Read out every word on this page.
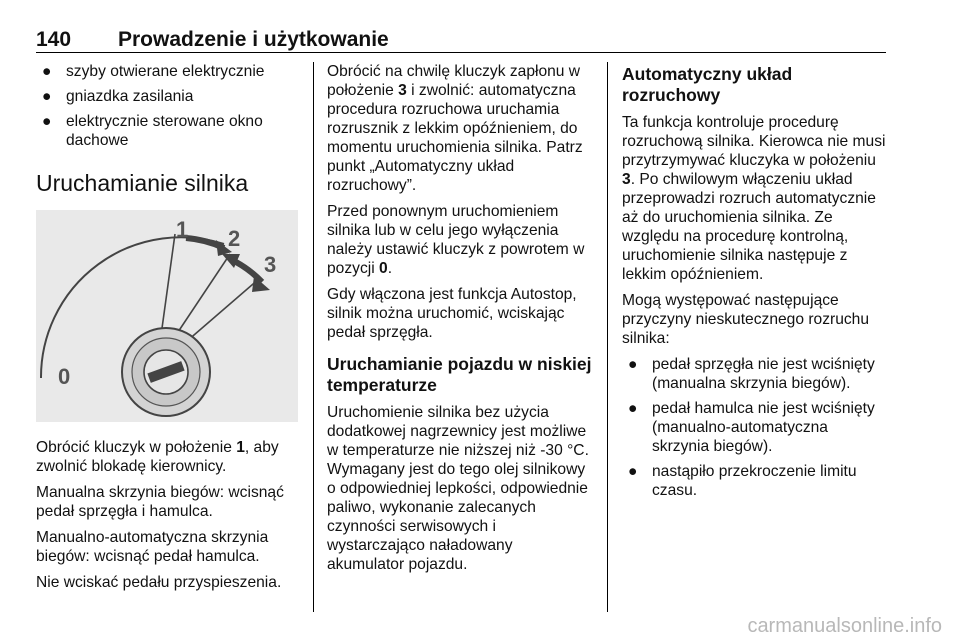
140 Prowadzenie i użytkowanie
● szyby otwierane elektrycznie
● gniazdka zasilania
● elektrycznie sterowane okno dachowe
Uruchamianie silnika
1 2
3
0

Obrócić kluczyk w położenie 1, aby zwolnić blokadę kierownicy.

Manualna skrzynia biegów: wcisnąć pedał sprzęgła i hamulca.

Manualno-automatyczna skrzynia biegów: wcisnąć pedał hamulca.

Nie wciskać pedału przyspieszenia.

Obrócić na chwilę kluczyk zapłonu w położenie 3 i zwolnić: automatyczna procedura rozruchowa uruchamia rozrusznik z lekkim opóźnieniem, do momentu uruchomienia silnika. Patrz punkt „Automatyczny układ rozruchowy”.

Przed ponownym uruchomieniem silnika lub w celu jego wyłączenia należy ustawić kluczyk z powrotem w pozycji 0.

Gdy włączona jest funkcja Autostop, silnik można uruchomić, wciskając pedał sprzęgła.

Uruchamianie pojazdu w niskiej temperaturze

Uruchomienie silnika bez użycia dodatkowej nagrzewnicy jest możliwe w temperaturze nie niższej niż -30 °C. Wymagany jest do tego olej silnikowy o odpowiedniej lepkości, odpowiednie paliwo, wykonanie zalecanych czynności serwisowych i wystarczająco naładowany akumulator pojazdu.

Automatyczny układ rozruchowy

Ta funkcja kontroluje procedurę rozruchową silnika. Kierowca nie musi przytrzymywać kluczyka w położeniu 3. Po chwilowym włączeniu układ przeprowadzi rozruch automatycznie aż do uruchomienia silnika. Ze względu na procedurę kontrolną, uruchomienie silnika następuje z lekkim opóźnieniem.

Mogą występować następujące przyczyny nieskutecznego rozruchu silnika:

● pedał sprzęgła nie jest wciśnięty (manualna skrzynia biegów).
● pedał hamulca nie jest wciśnięty (manualno-automatyczna skrzynia biegów).
● nastąpiło przekroczenie limitu czasu.
carmanualsonline.info
